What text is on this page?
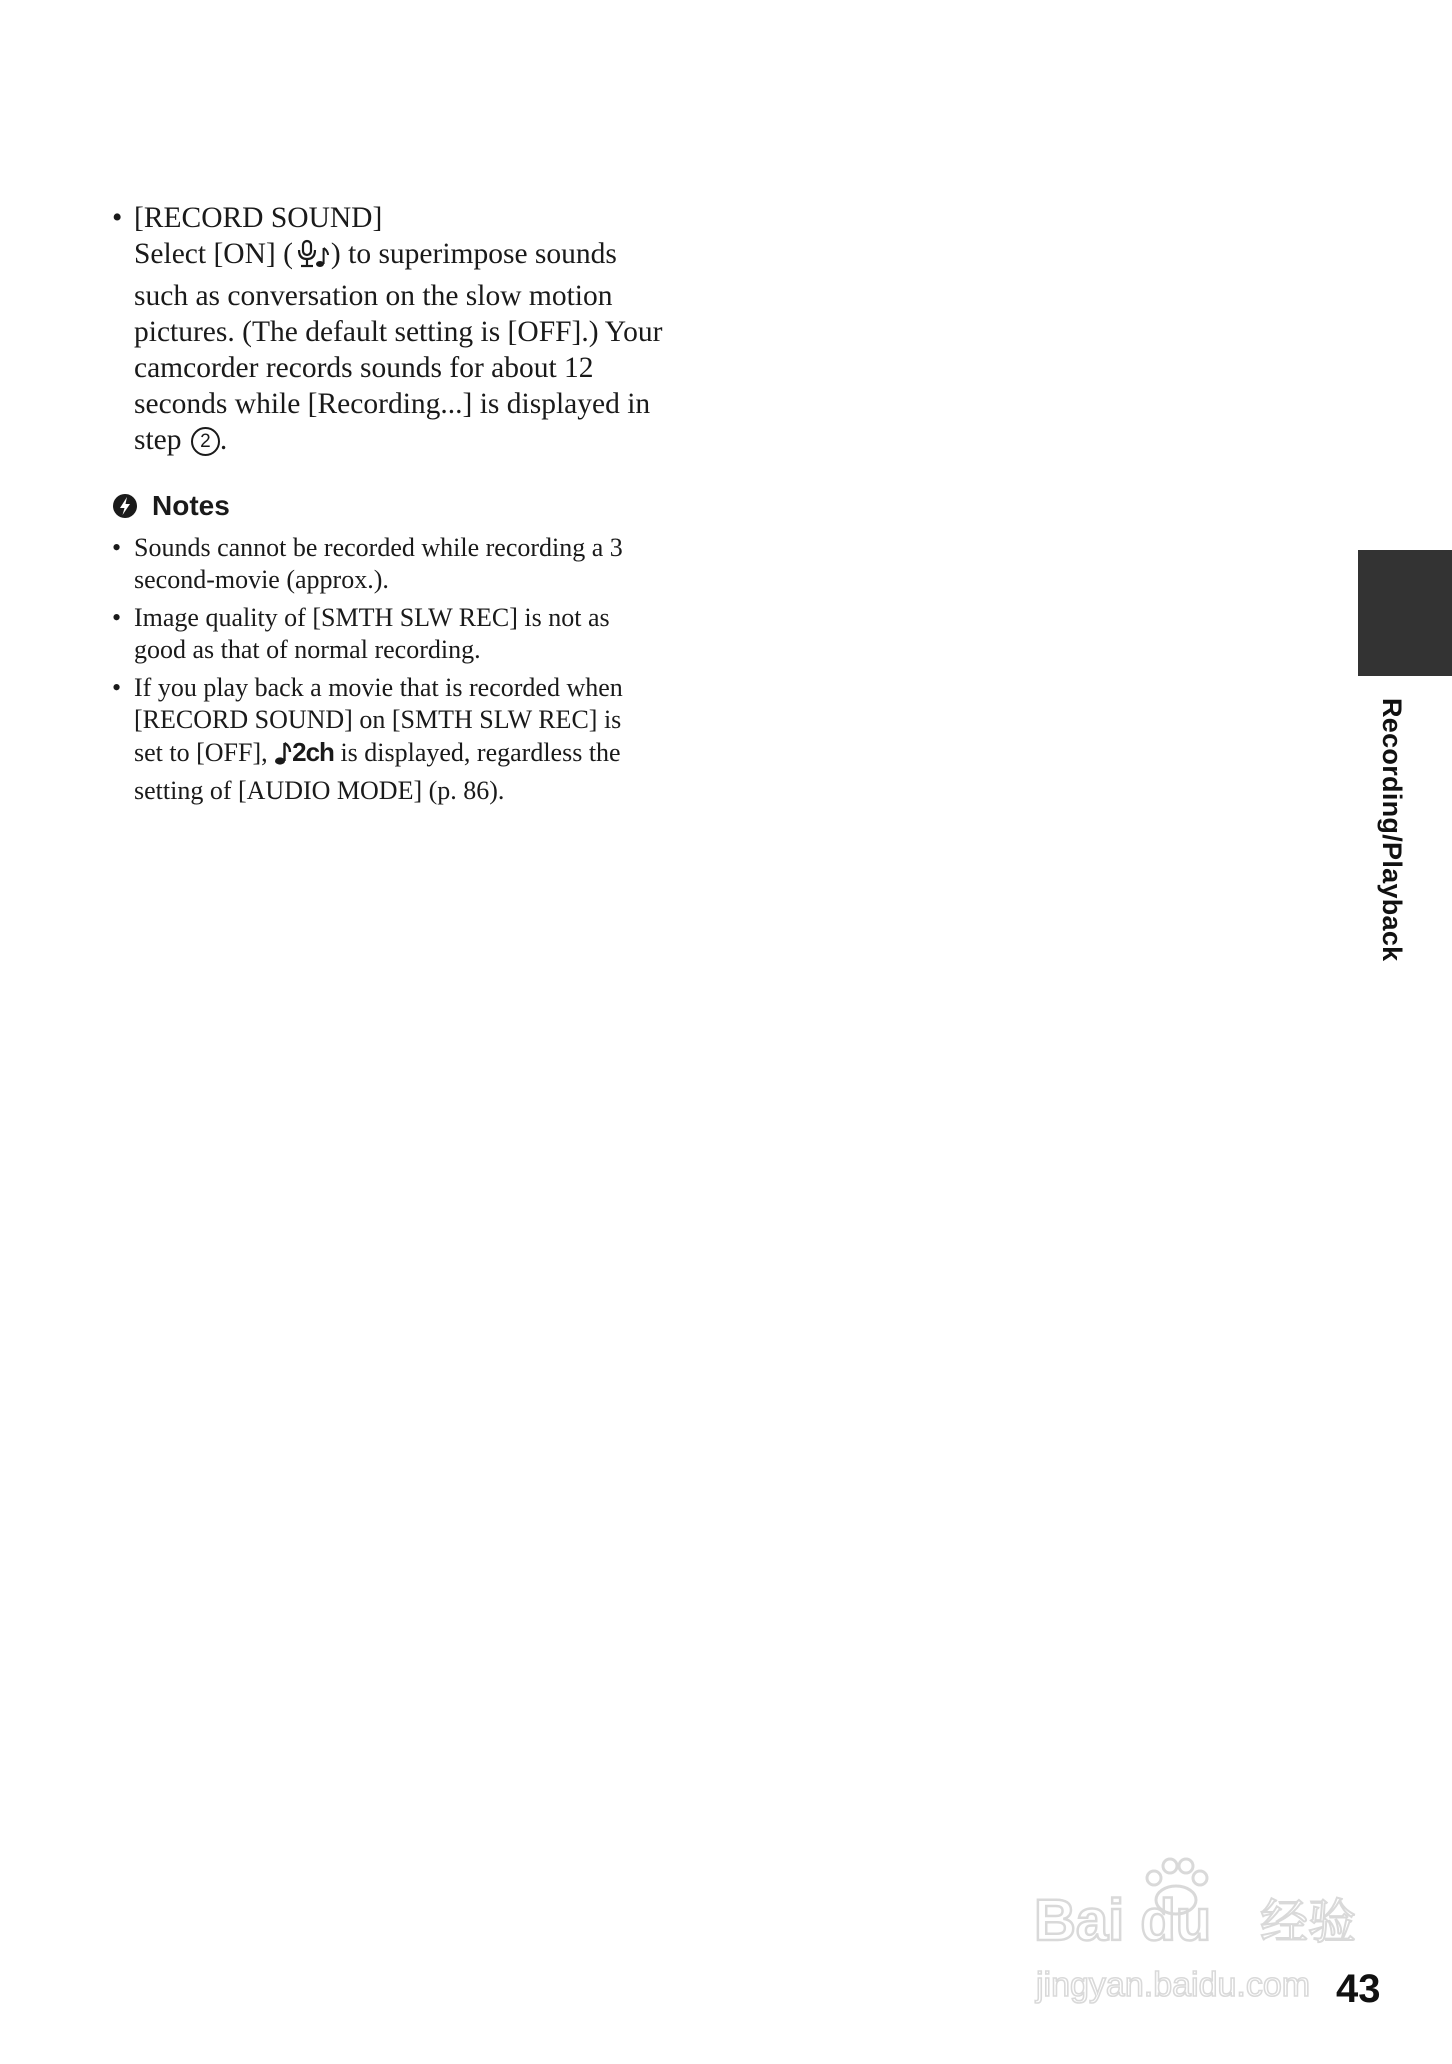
• [RECORD SOUND]
Select [ON] ( ) to superimpose sounds
such as conversation on the slow motion
pictures. (The default setting is [OFF].) Your
camcorder records sounds for about 12
seconds while [Recording...] is displayed in
step 2 .
Notes
• Sounds cannot be recorded while recording a 3
second-movie (approx.).
• Image quality of [SMTH SLW REC] is not as
good as that of normal recording.
• If you play back a movie that is recorded when
[RECORD SOUND] on [SMTH SLW REC] is
set to [OFF], 2ch is displayed, regardless the
setting of [AUDIO MODE] (p. 86).	Recording/Playback
Bai du 经验
jingyan.baidu.com 43
